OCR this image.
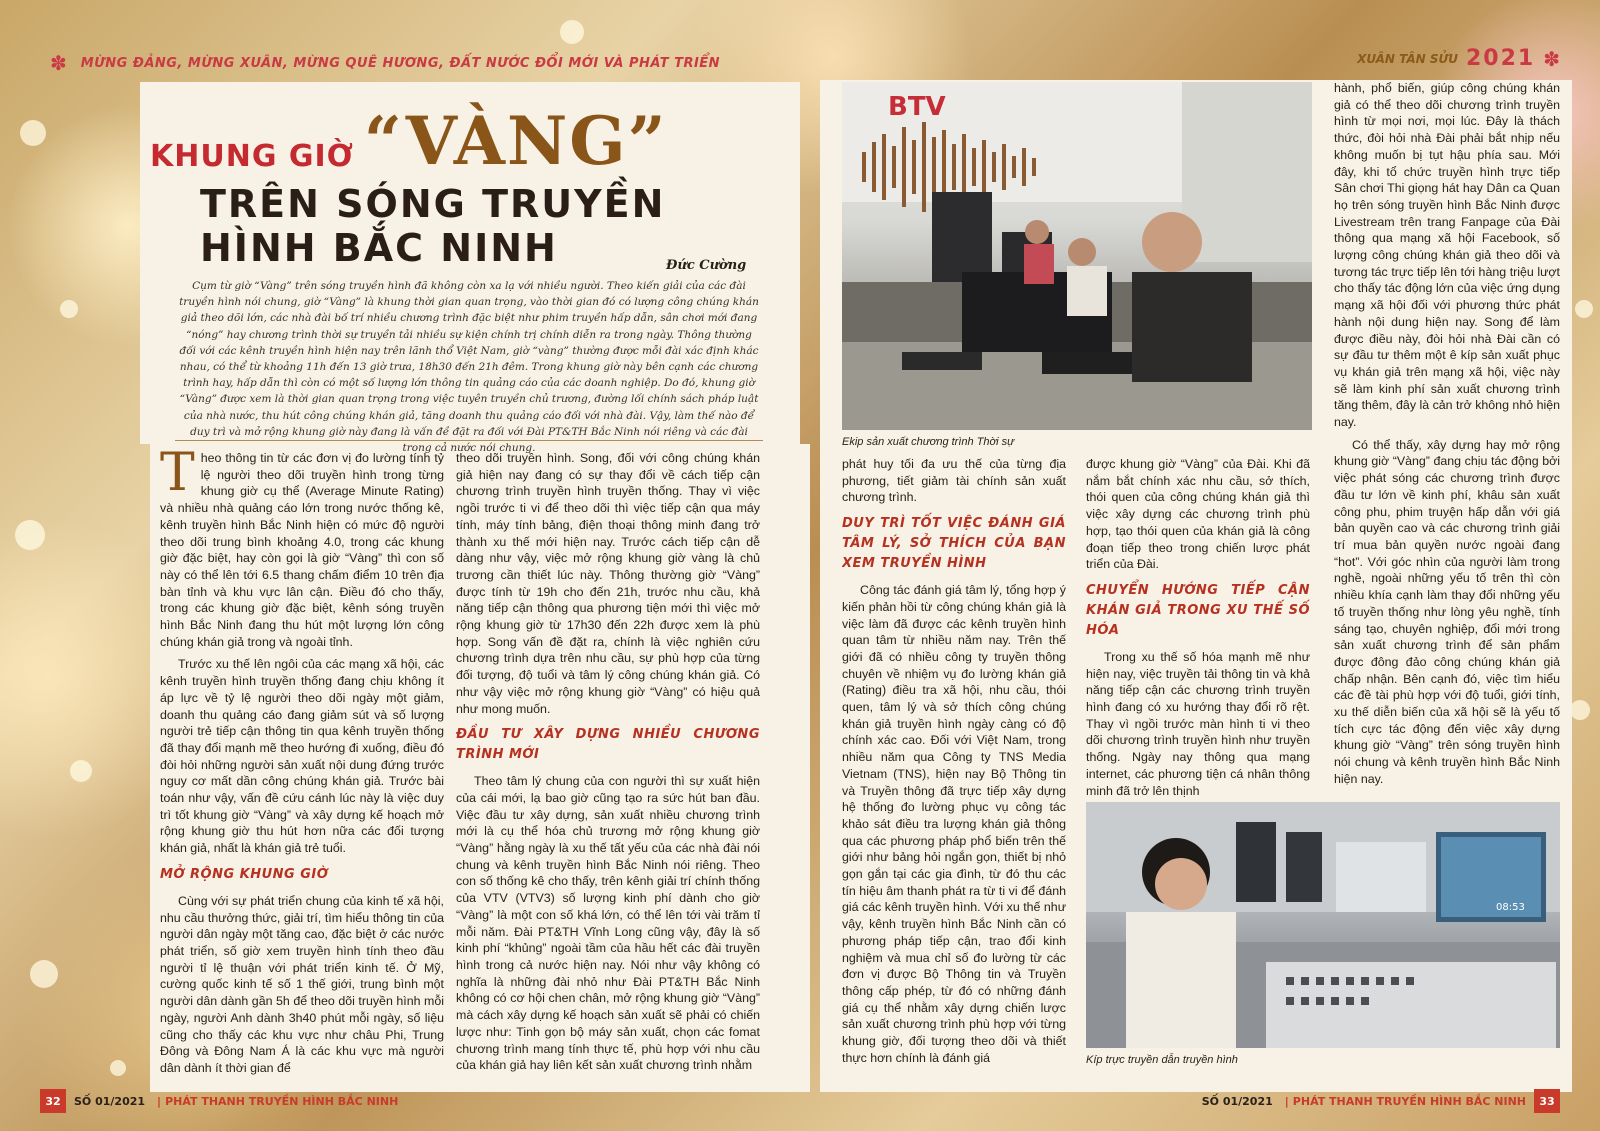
✽ MỪNG ĐẢNG, MỪNG XUÂN, MỪNG QUÊ HƯƠNG, ĐẤT NƯỚC ĐỔI MỚI VÀ PHÁT TRIỂN	XUÂN TÂN SỬU 2021 ✽
KHUNG GIỜ “VÀNG”
TRÊN SÓNG TRUYỀN HÌNH BẮC NINH	Đức Cường
Cụm từ giờ “Vàng” trên sóng truyền hình đã không còn xa lạ với nhiều người. Theo kiến giải của các đài truyền hình nói chung, giờ “Vàng” là khung thời gian quan trọng, vào thời gian đó có lượng công chúng khán giả theo dõi lớn, các nhà đài bố trí nhiều chương trình đặc biệt như phim truyền hấp dẫn, sân chơi mới đang “nóng” hay chương trình thời sự truyền tải nhiều sự kiện chính trị chính diễn ra trong ngày. Thông thường đối với các kênh truyền hình hiện nay trên lãnh thổ Việt Nam, giờ “vàng” thường được mỗi đài xác định khác nhau, có thể từ khoảng 11h đến 13 giờ trưa, 18h30 đến 21h đêm. Trong khung giờ này bên cạnh các chương trình hay, hấp dẫn thì còn có một số lượng lớn thông tin quảng cáo của các doanh nghiệp. Do đó, khung giờ “Vàng” được xem là thời gian quan trọng trong việc tuyên truyền chủ trương, đường lối chính sách pháp luật của nhà nước, thu hút công chúng khán giả, tăng doanh thu quảng cáo đối với nhà đài. Vậy, làm thế nào để duy trì và mở rộng khung giờ này đang là vấn đề đặt ra đối với Đài PT&TH Bắc Ninh nói riêng và các đài trong cả nước nói chung.

Theo thông tin từ các đơn vị đo lường tính tỷ lệ người theo dõi truyền hình trong từng khung giờ cụ thể (Average Minute Rating) và nhiều nhà quảng cáo lớn trong nước thống kê, kênh truyền hình Bắc Ninh hiện có mức độ người theo dõi trung bình khoảng 4.0, trong các khung giờ đặc biệt, hay còn gọi là giờ “Vàng” thì con số này có thể lên tới 6.5 thang chấm điểm 10 trên địa bàn tỉnh và khu vực lân cận. Điều đó cho thấy, trong các khung giờ đặc biệt, kênh sóng truyền hình Bắc Ninh đang thu hút một lượng lớn công chúng khán giả trong và ngoài tỉnh.

Trước xu thế lên ngôi của các mạng xã hội, các kênh truyền hình truyền thống đang chịu không ít áp lực về tỷ lệ người theo dõi ngày một giảm, doanh thu quảng cáo đang giảm sút và số lượng người trẻ tiếp cận thông tin qua kênh truyền thống đã thay đổi mạnh mẽ theo hướng đi xuống, điều đó đòi hỏi những người sản xuất nội dung đứng trước nguy cơ mất dần công chúng khán giả. Trước bài toán như vậy, vấn đề cứu cánh lúc này là việc duy trì tốt khung giờ “Vàng” và xây dựng kế hoạch mở rộng khung giờ thu hút hơn nữa các đối tượng khán giả, nhất là khán giả trẻ tuổi.

MỞ RỘNG KHUNG GIỜ

Cùng với sự phát triển chung của kinh tế xã hội, nhu cầu thưởng thức, giải trí, tìm hiểu thông tin của người dân ngày một tăng cao, đặc biệt ở các nước phát triển, số giờ xem truyền hình tính theo đầu người tỉ lệ thuận với phát triển kinh tế. Ở Mỹ, cường quốc kinh tế số 1 thế giới, trung bình một người dân dành gần 5h để theo dõi truyền hình mỗi ngày, người Anh dành 3h40 phút mỗi ngày, số liệu cũng cho thấy các khu vực như châu Phi, Trung Đông và Đông Nam Á là các khu vực mà người dân dành ít thời gian để

theo dõi truyền hình. Song, đối với công chúng khán giả hiện nay đang có sự thay đổi về cách tiếp cận chương trình truyền hình truyền thống. Thay vì việc ngồi trước ti vi để theo dõi thì việc tiếp cận qua máy tính, máy tính bảng, điện thoại thông minh đang trở thành xu thế mới hiện nay. Trước cách tiếp cận dễ dàng như vậy, việc mở rộng khung giờ vàng là chủ trương cần thiết lúc này. Thông thường giờ “Vàng” được tính từ 19h cho đến 21h, trước nhu cầu, khả năng tiếp cận thông qua phương tiện mới thì việc mở rộng khung giờ từ 17h30 đến 22h được xem là phù hợp. Song vấn đề đặt ra, chính là việc nghiên cứu chương trình dựa trên nhu cầu, sự phù hợp của từng đối tượng, độ tuổi và tâm lý công chúng khán giả. Có như vậy việc mở rộng khung giờ “Vàng” có hiệu quả như mong muốn.

ĐẦU TƯ XÂY DỰNG NHIỀU CHƯƠNG TRÌNH MỚI

Theo tâm lý chung của con người thì sự xuất hiện của cái mới, lạ bao giờ cũng tạo ra sức hút ban đầu. Việc đầu tư xây dựng, sản xuất nhiều chương trình mới là cụ thể hóa chủ trương mở rộng khung giờ “Vàng” hằng ngày là xu thế tất yếu của các nhà đài nói chung và kênh truyền hình Bắc Ninh nói riêng. Theo con số thống kê cho thấy, trên kênh giải trí chính thống của VTV (VTV3) số lượng kinh phí dành cho giờ “Vàng” là một con số khá lớn, có thể lên tới vài trăm tỉ mỗi năm. Đài PT&TH Vĩnh Long cũng vậy, đây là số kinh phí “khủng” ngoài tầm của hầu hết các đài truyền hình trong cả nước hiện nay. Nói như vậy không có nghĩa là những đài nhỏ như Đài PT&TH Bắc Ninh không có cơ hội chen chân, mở rộng khung giờ “Vàng” mà cách xây dựng kế hoạch sản xuất sẽ phải có chiến lược như: Tinh gọn bộ máy sản xuất, chọn các fomat chương trình mang tính thực tế, phù hợp với nhu cầu của khán giả hay liên kết sản xuất chương trình nhằm

BTV
Ekip sản xuất chương trình Thời sự

phát huy tối đa ưu thế của từng địa phương, tiết giảm tài chính sản xuất chương trình.

DUY TRÌ TỐT VIỆC ĐÁNH GIÁ TÂM LÝ, SỞ THÍCH CỦA BẠN XEM TRUYỀN HÌNH

Công tác đánh giá tâm lý, tổng hợp ý kiến phản hồi từ công chúng khán giả là việc làm đã được các kênh truyền hình quan tâm từ nhiều năm nay. Trên thế giới đã có nhiều công ty truyền thông chuyên về nhiệm vụ đo lường khán giả (Rating) điều tra xã hội, nhu cầu, thói quen, tâm lý và sở thích công chúng khán giả truyền hình ngày càng có độ chính xác cao. Đối với Việt Nam, trong nhiều năm qua Công ty TNS Media Vietnam (TNS), hiện nay Bộ Thông tin và Truyền thông đã trực tiếp xây dựng hệ thống đo lường phục vụ công tác khảo sát điều tra lượng khán giả thông qua các phương pháp phổ biến trên thế giới như bảng hỏi ngắn gọn, thiết bị nhỏ gọn gắn tại các gia đình, từ đó thu các tín hiệu âm thanh phát ra từ ti vi để đánh giá các kênh truyền hình. Với xu thế như vậy, kênh truyền hình Bắc Ninh cần có phương pháp tiếp cận, trao đổi kinh nghiệm và mua chỉ số đo lường từ các đơn vị được Bộ Thông tin và Truyền thông cấp phép, từ đó có những đánh giá cụ thể nhằm xây dựng chiến lược sản xuất chương trình phù hợp với từng khung giờ, đối tượng theo dõi và thiết thực hơn chính là đánh giá

được khung giờ “Vàng” của Đài. Khi đã nắm bắt chính xác nhu cầu, sở thích, thói quen của công chúng khán giả thì việc xây dựng các chương trình phù hợp, tạo thói quen của khán giả là công đoạn tiếp theo trong chiến lược phát triển của Đài.

CHUYỂN HƯỚNG TIẾP CẬN KHÁN GIẢ TRONG XU THẾ SỐ HÓA

Trong xu thế số hóa mạnh mẽ như hiện nay, việc truyền tải thông tin và khả năng tiếp cận các chương trình truyền hình đang có xu hướng thay đổi rõ rệt. Thay vì ngồi trước màn hình ti vi theo dõi chương trình truyền hình như truyền thống. Ngày nay thông qua mạng internet, các phương tiện cá nhân thông minh đã trở lên thịnh

hành, phổ biến, giúp công chúng khán giả có thể theo dõi chương trình truyền hình từ mọi nơi, mọi lúc. Đây là thách thức, đòi hỏi nhà Đài phải bắt nhịp nếu không muốn bị tụt hậu phía sau. Mới đây, khi tổ chức truyền hình trực tiếp Sân chơi Thi giọng hát hay Dân ca Quan họ trên sóng truyền hình Bắc Ninh được Livestream trên trang Fanpage của Đài thông qua mạng xã hội Facebook, số lượng công chúng khán giả theo dõi và tương tác trực tiếp lên tới hàng triệu lượt cho thấy tác động lớn của việc ứng dụng mạng xã hội đối với phương thức phát hành nội dung hiện nay. Song để làm được điều này, đòi hỏi nhà Đài cần có sự đầu tư thêm một ê kíp sản xuất phục vụ khán giả trên mạng xã hội, việc này sẽ làm kinh phí sản xuất chương trình tăng thêm, đây là cản trở không nhỏ hiện nay.

Có thể thấy, xây dựng hay mở rộng khung giờ “Vàng” đang chịu tác động bởi việc phát sóng các chương trình được đầu tư lớn về kinh phí, khâu sản xuất công phu, phim truyện hấp dẫn với giá bản quyền cao và các chương trình giải trí mua bản quyền nước ngoài đang “hot”. Với góc nhìn của người làm trong nghề, ngoài những yếu tố trên thì còn nhiều khía cạnh làm thay đổi những yếu tố truyền thống như lòng yêu nghề, tính sáng tạo, chuyên nghiệp, đổi mới trong sản xuất chương trình để sản phẩm được đông đảo công chúng khán giả chấp nhận. Bên cạnh đó, việc tìm hiểu các đề tài phù hợp với độ tuổi, giới tính, xu thế diễn biến của xã hội sẽ là yếu tố tích cực tác động đến việc xây dựng khung giờ “Vàng” trên sóng truyền hình nói chung và kênh truyền hình Bắc Ninh hiện nay.

08:53
Kíp trực truyền dẫn truyền hình
32	SỐ 01/2021	| PHÁT THANH TRUYỀN HÌNH BẮC NINH	SỐ 01/2021	| PHÁT THANH TRUYỀN HÌNH BẮC NINH	33
